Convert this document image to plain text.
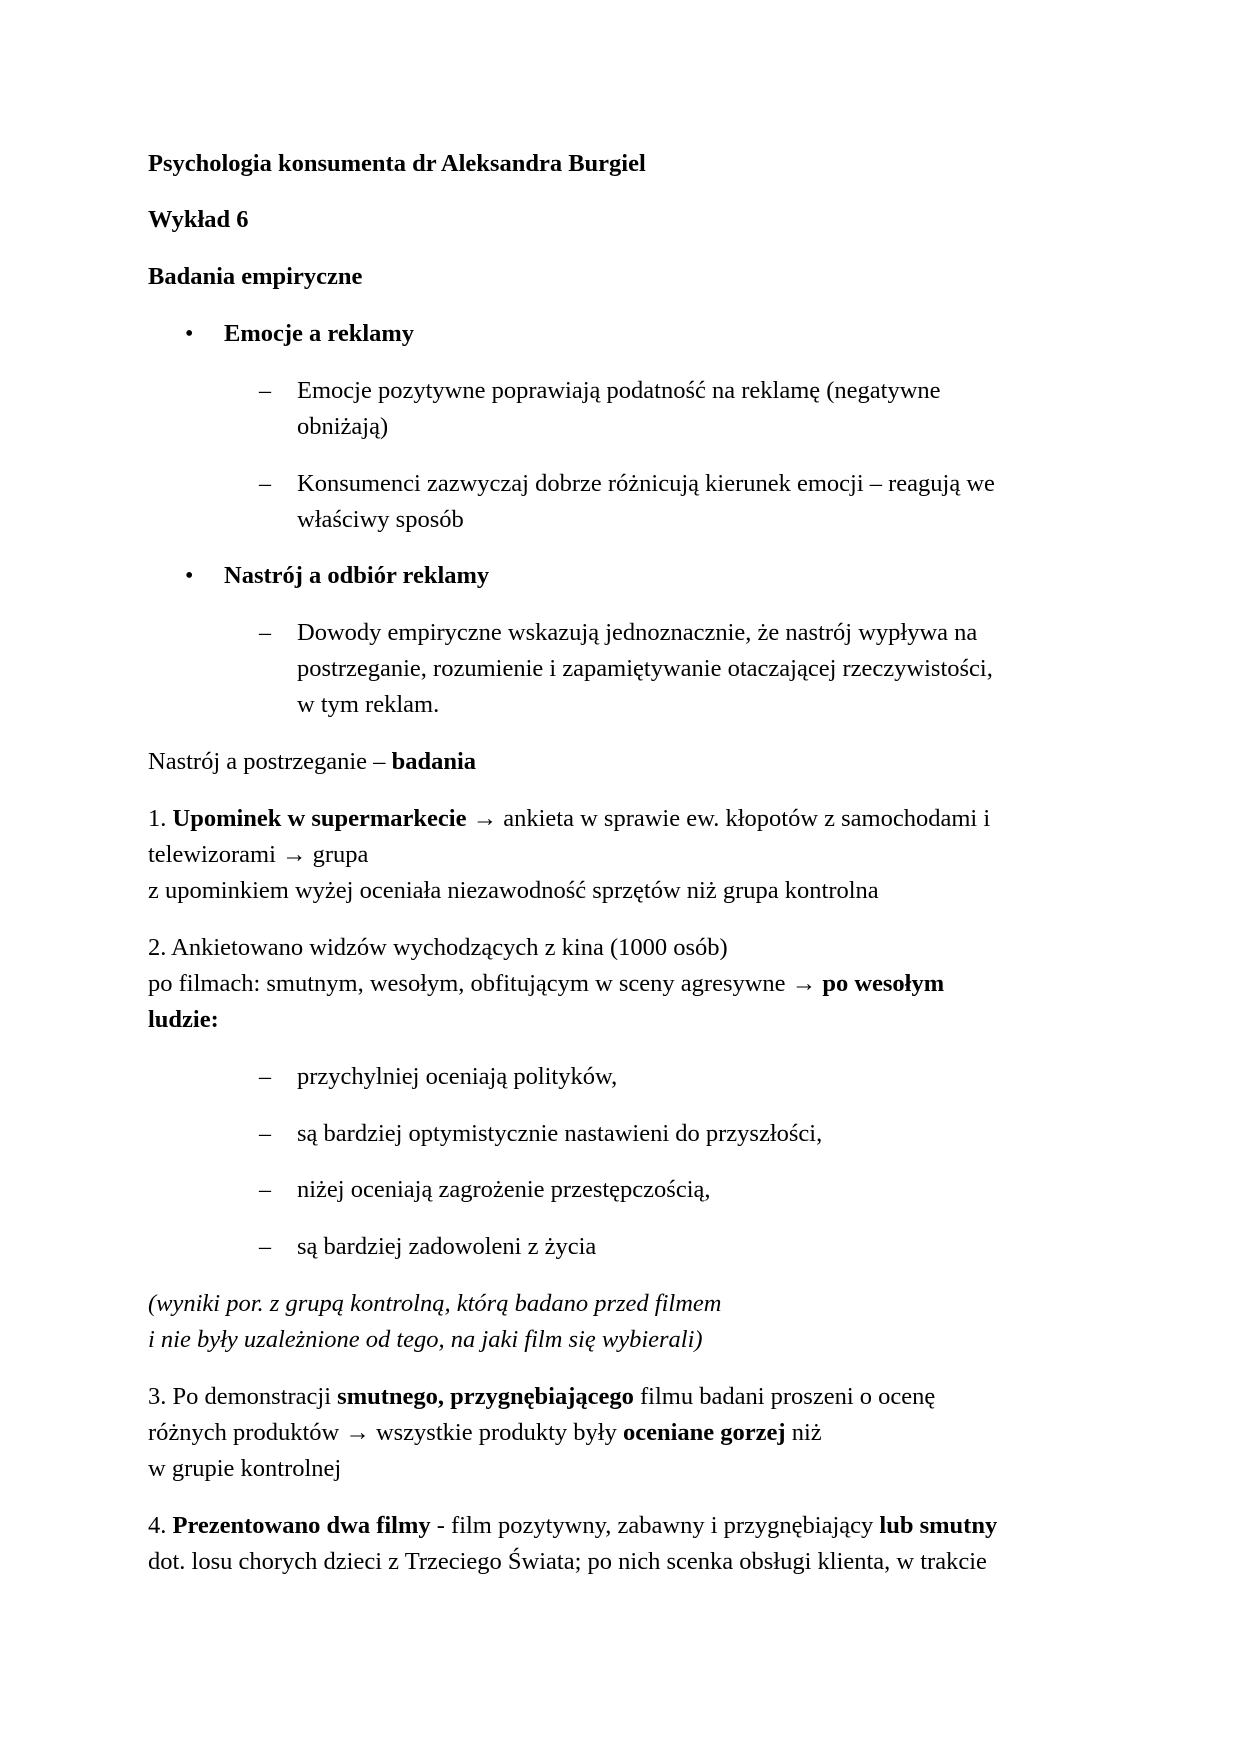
Psychologia konsumenta dr Aleksandra Burgiel
Wykład 6
Badania empiryczne
• Emocje a reklamy
– Emocje pozytywne poprawiają podatność na reklamę (negatywne
obniżają)
– Konsumenci zazwyczaj dobrze różnicują kierunek emocji – reagują we
właściwy sposób
• Nastrój a odbiór reklamy
– Dowody empiryczne wskazują jednoznacznie, że nastrój wypływa na
postrzeganie, rozumienie i zapamiętywanie otaczającej rzeczywistości,
w tym reklam.
Nastrój a postrzeganie – badania
1. Upominek w supermarkecie → ankieta w sprawie ew. kłopotów z samochodami i
telewizorami → grupa
z upominkiem wyżej oceniała niezawodność sprzętów niż grupa kontrolna
2. Ankietowano widzów wychodzących z kina (1000 osób)
po filmach: smutnym, wesołym, obfitującym w sceny agresywne → po wesołym
ludzie:
– przychylniej oceniają polityków,
– są bardziej optymistycznie nastawieni do przyszłości,
– niżej oceniają zagrożenie przestępczością,
– są bardziej zadowoleni z życia
(wyniki por. z grupą kontrolną, którą badano przed filmem
i nie były uzależnione od tego, na jaki film się wybierali)
3. Po demonstracji smutnego, przygnębiającego filmu badani proszeni o ocenę
różnych produktów → wszystkie produkty były oceniane gorzej niż
w grupie kontrolnej
4. Prezentowano dwa filmy - film pozytywny, zabawny i przygnębiający lub smutny
dot. losu chorych dzieci z Trzeciego Świata; po nich scenka obsługi klienta, w trakcie
